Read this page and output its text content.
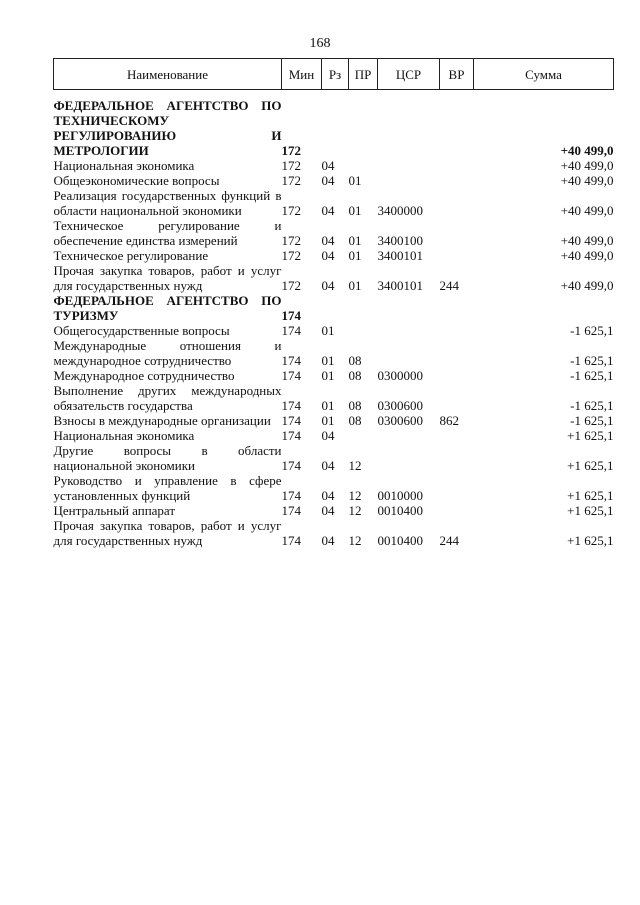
168
Наименование	Мин	Рз	ПР	ЦСР	ВР	Сумма
ФЕДЕРАЛЬНОЕ АГЕНТСТВО ПО ТЕХНИЧЕСКОМУ РЕГУЛИРОВАНИЮ И МЕТРОЛОГИИ	172					+40 499,0
Национальная экономика	172	04				+40 499,0
Общеэкономические вопросы	172	04	01			+40 499,0
Реализация государственных функций в области национальной экономики	172	04	01	3400000		+40 499,0
Техническое регулирование и обеспечение единства измерений	172	04	01	3400100		+40 499,0
Техническое регулирование	172	04	01	3400101		+40 499,0
Прочая закупка товаров, работ и услуг для государственных нужд	172	04	01	3400101	244	+40 499,0
ФЕДЕРАЛЬНОЕ АГЕНТСТВО ПО ТУРИЗМУ	174					
Общегосударственные вопросы	174	01				-1 625,1
Международные отношения и международное сотрудничество	174	01	08			-1 625,1
Международное сотрудничество	174	01	08	0300000		-1 625,1
Выполнение других международных обязательств государства	174	01	08	0300600		-1 625,1
Взносы в международные организации	174	01	08	0300600	862	-1 625,1
Национальная экономика	174	04				+1 625,1
Другие вопросы в области национальной экономики	174	04	12			+1 625,1
Руководство и управление в сфере установленных функций	174	04	12	0010000		+1 625,1
Центральный аппарат	174	04	12	0010400		+1 625,1
Прочая закупка товаров, работ и услуг для государственных нужд	174	04	12	0010400	244	+1 625,1
